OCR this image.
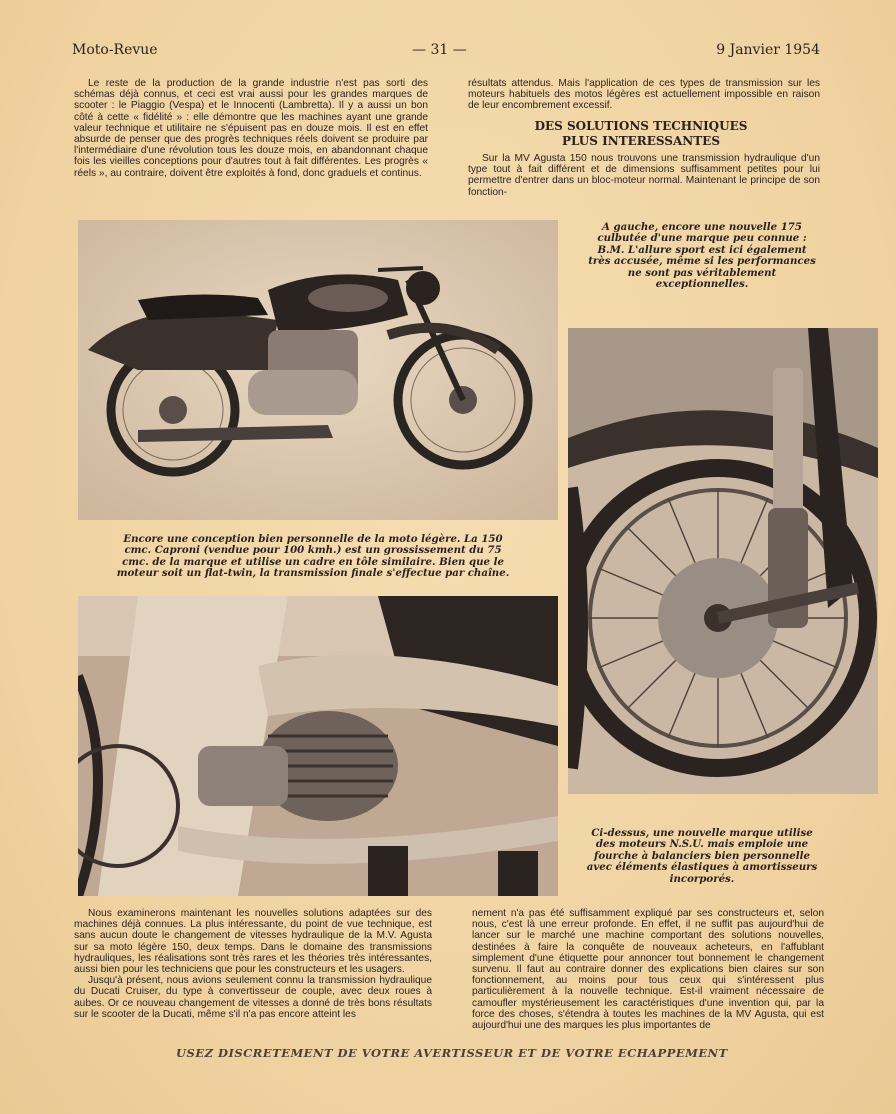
Moto-Revue	— 31 —	9 Janvier 1954

Le reste de la production de la grande industrie n'est pas sorti des schémas déjà connus, et ceci est vrai aussi pour les grandes marques de scooter : le Piaggio (Vespa) et le Innocenti (Lambretta). Il y a aussi un bon côté à cette « fidélité » : elle démontre que les machines ayant une grande valeur technique et utilitaire ne s'épuisent pas en douze mois. Il est en effet absurde de penser que des progrès techniques réels doivent se produire par l'intermédiaire d'une révolution tous les douze mois, en abandonnant chaque fois les vieilles conceptions pour d'autres tout à fait différentes. Les progrès « réels », au contraire, doivent être exploités à fond, donc graduels et continus.

résultats attendus. Mais l'application de ces types de transmission sur les moteurs habituels des motos légères est actuellement impossible en raison de leur encombrement excessif.

DES SOLUTIONS TECHNIQUES
PLUS INTERESSANTES

Sur la MV Agusta 150 nous trouvons une transmission hydraulique d'un type tout à fait différent et de dimensions suffisamment petites pour lui permettre d'entrer dans un bloc-moteur normal. Maintenant le principe de son fonction-

A gauche, encore une nouvelle 175 culbutée d'une marque peu connue : B.M. L'allure sport est ici également très accusée, même si les performances ne sont pas véritablement exceptionnelles.
Encore une conception bien personnelle de la moto légère. La 150 cmc. Caproni (vendue pour 100 kmh.) est un grossissement du 75 cmc. de la marque et utilise un cadre en tôle similaire. Bien que le moteur soit un flat-twin, la transmission finale s'effectue par chaîne.
Ci-dessus, une nouvelle marque utilise des moteurs N.S.U. mais emploie une fourche à balanciers bien personnelle avec éléments élastiques à amortisseurs incorporés.

Nous examinerons maintenant les nouvelles solutions adaptées sur des machines déjà connues. La plus intéressante, du point de vue technique, est sans aucun doute le changement de vitesses hydraulique de la M.V. Agusta sur sa moto légère 150, deux temps. Dans le domaine des transmissions hydrauliques, les réalisations sont très rares et les théories très intéressantes, aussi bien pour les techniciens que pour les constructeurs et les usagers.

Jusqu'à présent, nous avions seulement connu la transmission hydraulique du Ducati Cruiser, du type à convertisseur de couple, avec deux roues à aubes. Or ce nouveau changement de vitesses a donné de très bons résultats sur le scooter de la Ducati, même s'il n'a pas encore atteint les

nement n'a pas été suffisamment expliqué par ses constructeurs et, selon nous, c'est là une erreur profonde. En effet, il ne suffit pas aujourd'hui de lancer sur le marché une machine comportant des solutions nouvelles, destinées à faire la conquête de nouveaux acheteurs, en l'affublant simplement d'une étiquette pour annoncer tout bonnement le changement survenu. Il faut au contraire donner des explications bien claires sur son fonctionnement, au moins pour tous ceux qui s'intéressent plus particulièrement à la nouvelle technique. Est-il vraiment nécessaire de camoufler mystérieusement les caractéristiques d'une invention qui, par la force des choses, s'étendra à toutes les machines de la MV Agusta, qui est aujourd'hui une des marques les plus importantes de

USEZ DISCRETEMENT DE VOTRE AVERTISSEUR ET DE VOTRE ECHAPPEMENT
